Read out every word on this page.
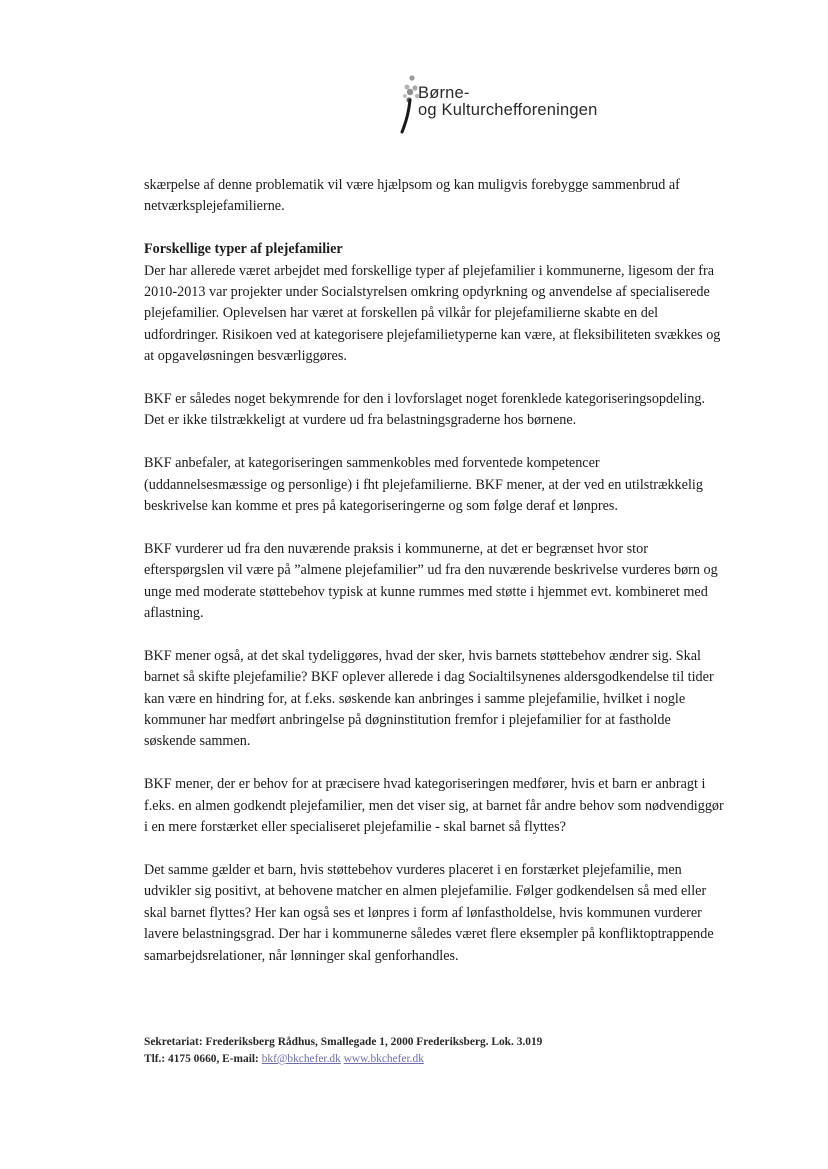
Børne-
og Kulturchefforeningen

skærpelse af denne problematik vil være hjælpsom og kan muligvis forebygge sammenbrud af netværksplejefamilierne.

Forskellige typer af plejefamilier

Der har allerede været arbejdet med forskellige typer af plejefamilier i kommunerne, ligesom der fra 2010-2013 var projekter under Socialstyrelsen omkring opdyrkning og anvendelse af specialiserede plejefamilier. Oplevelsen har været at forskellen på vilkår for plejefamilierne skabte en del udfordringer. Risikoen ved at kategorisere plejefamilietyperne kan være, at fleksibiliteten svækkes og at opgaveløsningen besværliggøres.

BKF er således noget bekymrende for den i lovforslaget noget forenklede kategoriseringsopdeling. Det er ikke tilstrækkeligt at vurdere ud fra belastningsgraderne hos børnene.

BKF anbefaler, at kategoriseringen sammenkobles med forventede kompetencer (uddannelsesmæssige og personlige) i fht plejefamilierne. BKF mener, at der ved en utilstrækkelig beskrivelse kan komme et pres på kategoriseringerne og som følge deraf et lønpres.

BKF vurderer ud fra den nuværende praksis i kommunerne, at det er begrænset hvor stor efterspørgslen vil være på ”almene plejefamilier” ud fra den nuværende beskrivelse vurderes børn og unge med moderate støttebehov typisk at kunne rummes med støtte i hjemmet evt. kombineret med aflastning.

BKF mener også, at det skal tydeliggøres, hvad der sker, hvis barnets støttebehov ændrer sig. Skal barnet så skifte plejefamilie? BKF oplever allerede i dag Socialtilsynenes aldersgodkendelse til tider kan være en hindring for, at f.eks. søskende kan anbringes i samme plejefamilie, hvilket i nogle kommuner har medført anbringelse på døgninstitution fremfor i plejefamilier for at fastholde søskende sammen.

BKF mener, der er behov for at præcisere hvad kategoriseringen medfører, hvis et barn er anbragt i f.eks. en almen godkendt plejefamilier, men det viser sig, at barnet får andre behov som nødvendiggør i en mere forstærket eller specialiseret plejefamilie - skal barnet så flyttes?

Det samme gælder et barn, hvis støttebehov vurderes placeret i en forstærket plejefamilie, men udvikler sig positivt, at behovene matcher en almen plejefamilie. Følger godkendelsen så med eller skal barnet flyttes? Her kan også ses et lønpres i form af lønfastholdelse, hvis kommunen vurderer lavere belastningsgrad. Der har i kommunerne således været flere eksempler på konfliktoptrappende samarbejdsrelationer, når lønninger skal genforhandles.

Sekretariat: Frederiksberg Rådhus, Smallegade 1, 2000 Frederiksberg. Lok. 3.019
Tlf.: 4175 0660, E-mail: bkf@bkchefer.dk www.bkchefer.dk
